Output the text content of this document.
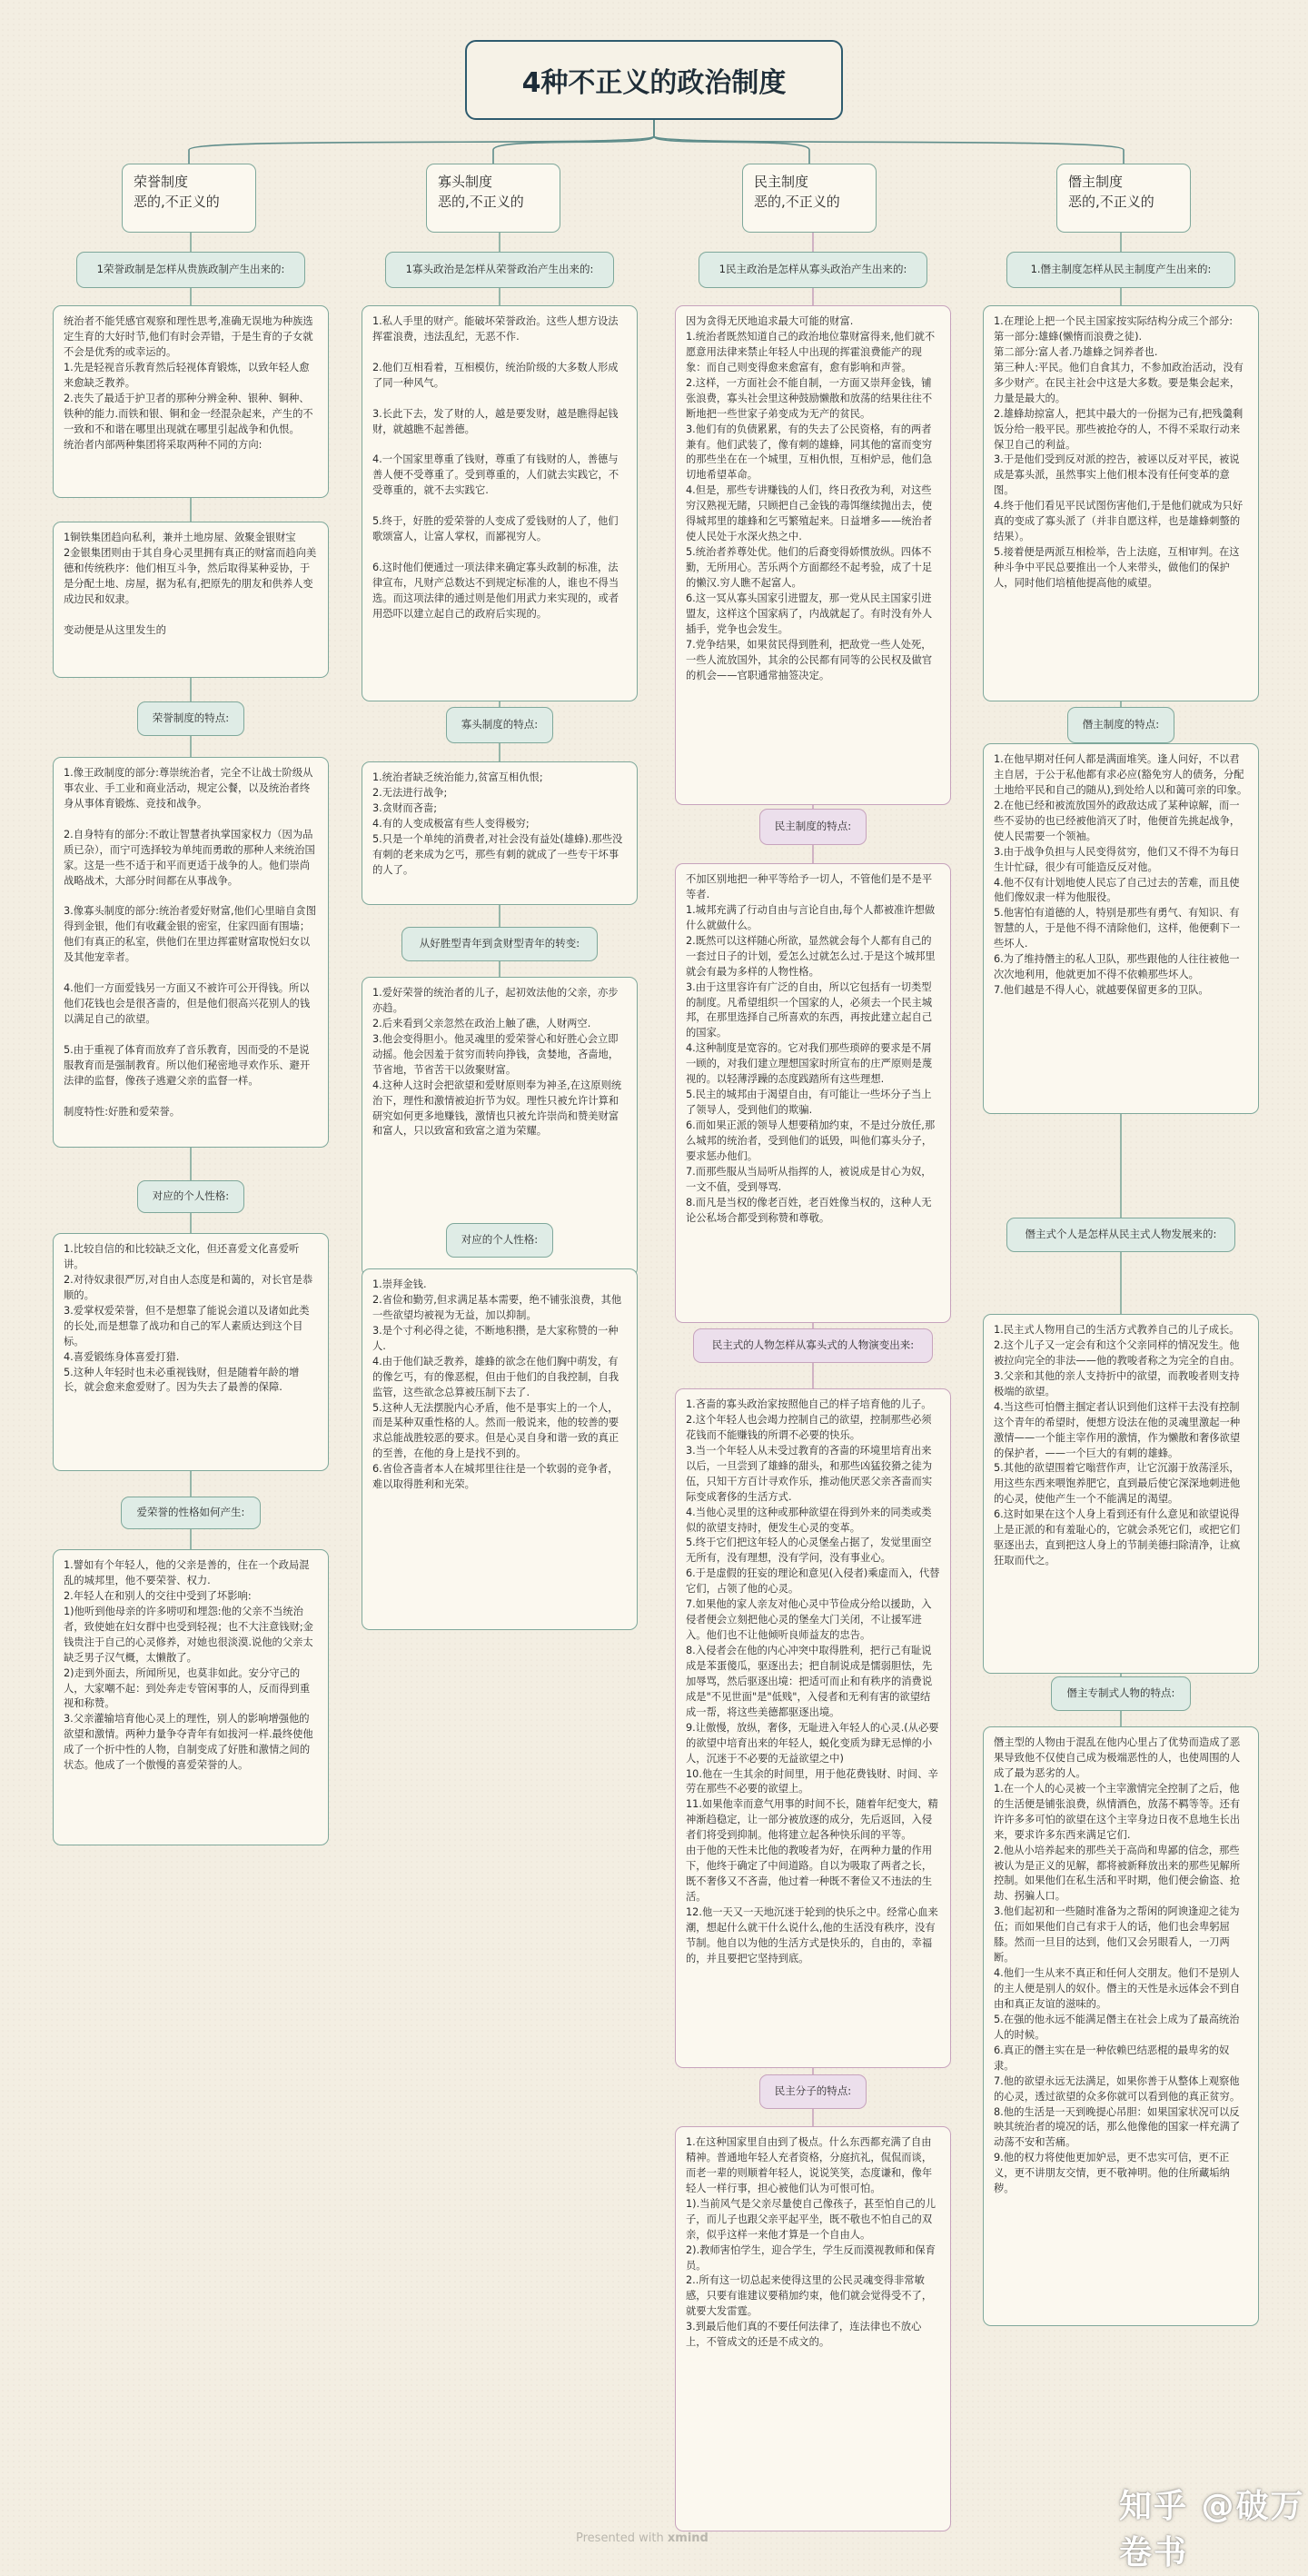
4种不正义的政治制度
荣誉制度
恶的,不正义的
1荣誉政制是怎样从贵族政制产生出来的:
统治者不能凭感官观察和理性思考,准确无误地为种族选定生育的大好时节,他们有时会弄错，于是生育的子女就不会是优秀的或幸运的。
1.先是轻视音乐教育然后轻视体育锻炼，以致年轻人愈来愈缺乏教养。
2.丧失了最适于护卫者的那种分辨金种、银种、铜种、铁种的能力.而铁和银、铜和金一经混杂起来，产生的不一致和不和谐在哪里出现就在哪里引起战争和仇恨。
统治者内部两种集团将采取两种不同的方向:
1铜铁集团趋向私利，兼并土地房屋、敛聚金银财宝
2金银集团则由于其自身心灵里拥有真正的财富而趋向美德和传统秩序：他们相互斗争，然后取得某种妥协，于是分配土地、房屋，据为私有,把原先的朋友和供养人变成边民和奴隶。

变动便是从这里发生的
荣誉制度的特点:
1.像王政制度的部分:尊崇统治者，完全不让战士阶级从事农业、手工业和商业活动，规定公餐，以及统治者终身从事体育锻炼、竞技和战争。

2.自身特有的部分:不敢让智慧者执掌国家权力（因为品质已杂），而宁可选择较为单纯而勇敢的那种人来统治国家。这是一些不适于和平而更适于战争的人。他们崇尚战略战术，大部分时间都在从事战争。

3.像寡头制度的部分:统治者爱好财富,他们心里暗自贪图得到金银，他们有收藏金银的密室，住家四面有围墙；他们有真正的私室，供他们在里边挥霍财富取悦妇女以及其他宠幸者。

4.他们一方面爱钱另一方面又不被许可公开得钱。所以他们花钱也会是很吝啬的，但是他们很高兴花别人的钱以满足自己的欲望。

5.由于重视了体育而放弃了音乐教育，因而受的不是说服教育而是强制教育。所以他们秘密地寻欢作乐、避开法律的监督，像孩子逃避父亲的监督一样。

制度特性:好胜和爱荣誉。
对应的个人性格:
1.比较自信的和比较缺乏文化，但还喜爱文化喜爱听讲。
2.对待奴隶很严厉,对自由人态度是和蔼的，对长官是恭顺的。
3.爱掌权爱荣誉，但不是想靠了能说会道以及诸如此类的长处,而是想靠了战功和自己的军人素质达到这个目标。
4.喜爱锻练身体喜爱打猎.
5.这种人年轻时也未必重视钱财，但是随着年龄的增长，就会愈来愈爱财了。因为失去了最善的保障.
爱荣誉的性格如何产生:
1.譬如有个年轻人，他的父亲是善的，住在一个政局混乱的城邦里，他不要荣誉、权力.
2.年轻人在和别人的交往中受到了坏影响:
1)他听到他母亲的许多唠叨和埋怨:他的父亲不当统治者，致使她在妇女群中也受到轻视；也不大注意钱财;金钱贵注于自己的心灵修养，对她也很淡漠.说他的父亲太缺乏男子汉气概，太懒散了。
2)走到外面去，所闻所见，也莫非如此。安分守己的人，大家嘲不起：到处奔走专管闲事的人，反而得到重视和称赞。
3.父亲灌输培育他心灵上的理性，别人的影响增强他的欲望和激情。两种力量争夺青年有如拔河一样.最终使他成了一个折中性的人物，自制变成了好胜和激情之间的状态。他成了一个傲慢的喜爱荣誉的人。
寡头制度
恶的,不正义的
1寡头政治是怎样从荣誉政治产生出来的:
1.私人手里的财产。能破坏荣誉政治。这些人想方设法挥霍浪费，违法乱纪，无恶不作.

2.他们互相看着，互相模仿，统治阶级的大多数人形成了同一种风气。

3.长此下去，发了财的人，越是要发财，越是瞧得起钱财，就越瞧不起善德。

4.一个国家里尊重了钱财，尊重了有钱财的人，善德与善人便不受尊重了。受到尊重的，人们就去实践它，不受尊重的，就不去实践它.

5.终于，好胜的爱荣誉的人变成了爱钱财的人了，他们歌颂富人，让富人掌权，而鄙视穷人。

6.这时他们便通过一项法律来确定寡头政制的标准，法律宣布，凡财产总数达不到规定标准的人，谁也不得当选。而这项法律的通过则是他们用武力来实现的，或者用恐吓以建立起自己的政府后实现的。
寡头制度的特点:
1.统治者缺乏统治能力,贫富互相仇恨;
2.无法进行战争;
3.贪财而吝啬;
4.有的人变成极富有些人变得极穷;
5.只是一个单纯的消费者,对社会没有益处(雄蜂).那些没有刺的老来成为乞丐，那些有刺的就成了一些专干坏事的人了。
从好胜型青年到贪财型青年的转变:
1.爱好荣誉的统治者的儿子，起初效法他的父亲，亦步亦趋。
2.后来看到父亲忽然在政治上触了礁，人财两空.
3.他会变得胆小。他灵魂里的爱荣誉心和好胜心会立即动摇。他会因羞于贫穷而转向挣钱，贪婪地，吝啬地，节省地，节省苦干以敛聚财富。
4.这种人这时会把欲望和爱财原则奉为神圣,在这原则统治下，理性和激情被迫折节为奴。理性只被允许计算和研究如何更多地赚钱，激情也只被允许崇尚和赞美财富和富人，只以致富和致富之道为荣耀。
对应的个人性格:
1.崇拜金钱.
2.省俭和勤劳,但求满足基本需要，绝不铺张浪费，其他一些欲望均被视为无益，加以抑制。
3.是个寸利必得之徒，不断地积攒，是大家称赞的一种人.
4.由于他们缺乏教养，雄蜂的欲念在他们胸中萌发，有的像乞丐，有的像恶棍，但由于他们的自我控制，自我监管，这些欲念总算被压制下去了.
5.这种人无法摆脱内心矛盾，他不是事实上的一个人，而是某种双重性格的人。然而一般说来，他的较善的要求总能战胜较恶的要求。但是心灵自身和谐一致的真正的至善，在他的身上是找不到的。
6.省俭吝啬者本人在城邦里往往是一个软弱的竞争者，难以取得胜利和光荣。
民主制度
恶的,不正义的
1民主政治是怎样从寡头政治产生出来的:
因为贪得无厌地追求最大可能的财富.
1.统治者既然知道自己的政治地位靠财富得来,他们就不愿意用法律来禁止年轻人中出现的挥霍浪费能产的现象：而自己则变得愈来愈富有，愈有影响和声誉。
2.这样，一方面社会不能自制，一方面又崇拜金钱，铺张浪费，寡头社会里这种鼓励懒散和放荡的结果往往不断地把一些世家子弟变成为无产的贫民。
3.他们有的负债累累，有的失去了公民资格，有的两者兼有。他们武装了，像有刺的雄蜂，同其他的富而变穷的那些坐在在一个城里，互相仇恨，互相炉忌，他们急切地希望革命。
4.但是，那些专讲赚钱的人们，终日孜孜为利，对这些穷汉熟视无睹，只顾把自己金钱的毒饵继续抛出去，使得城邦里的雄蜂和乞丐繁殖起来。日益增多——统治者使人民处于水深火热之中.
5.统治者养尊处优。他们的后裔变得娇惯放纵。四体不勤，无所用心。苦乐两个方面都经不起考验，成了十足的懒汉.穷人瞧不起富人。
6.这一冥从寡头国家引进盟友，那一党从民主国家引进盟友，这样这个国家病了，内战就起了。有时没有外人插手，党争也会发生。
7.党争结果，如果贫民得到胜利，把敌党一些人处死，一些人流放国外，其余的公民都有同等的公民权及做官的机会——官职通常抽签决定。
民主制度的特点:
不加区别地把一种平等给予一切人，不管他们是不是平等者.
1.城邦充满了行动自由与言论自由,每个人都被准许想做什么就做什么。
2.既然可以这样随心所欲，显然就会每个人都有自己的一套过日子的计划，爱怎么过就怎么过.于是这个城邦里就会有最为多样的人物性格。
3.由于这里容许有广泛的自由，所以它包括有一切类型的制度。凡希望组织一个国家的人，必须去一个民主城邦，在那里选择自己所喜欢的东西，再按此建立起自己的国家。
4.这种制度是宽容的。它对我们那些琐碎的要求是不屑一顾的，对我们建立理想国家时所宣布的庄严原则是蔑视的。以轻薄浮躁的态度践踏所有这些理想.
5.民主的城邦由于渴望自由，有可能让一些坏分子当上了领导人，受到他们的欺骗.
6.而如果正派的领导人想要稍加约束，不是过分放任,那么城邦的统治者，受到他们的诋毁，叫他们寡头分子，要求惩办他们。
7.而那些服从当局听从指挥的人，被说成是甘心为奴，一文不值，受到辱骂.
8.而凡是当权的像老百姓，老百姓像当权的，这种人无论公私场合都受到称赞和尊敬。
民主式的人物怎样从寡头式的人物演变出来:
1.吝啬的寡头政治家按照他自己的样子培育他的儿子。
2.这个年轻人也会竭力控制自己的欲望，控制那些必须花钱而不能赚钱的所谓不必要的快乐。
3.当一个年轻人从未受过教育的吝啬的环境里培育出来以后，一旦尝到了雄蜂的甜头，和那些凶猛狡猾之徒为伍，只知干方百计寻欢作乐，推动他厌恶父亲吝啬而实际变成奢侈的生活方式.
4.当他心灵里的这种或那种欲望在得到外来的同类或类似的欲望支持时，便发生心灵的变革。
5.终于它们把这年轻人的心灵堡垒占据了，发觉里面空无所有，没有理想，没有学问，没有事业心。
6.于是虚假的狂妄的理论和意见(入侵者)乘虚而入，代替它们，占领了他的心灵。
7.如果他的家人亲友对他心灵中节俭成分给以援助，入侵者便会立刻把他心灵的堡垒大门关闭，不让援军进入。他们也不让他倾听良师益友的忠告。
8.入侵者会在他的内心冲突中取得胜利，把行己有耻说成是苯蛋傻瓜，驱逐出去；把自制说成是懦弱胆怯，先加辱骂，然后驱逐出境：把适可而止和有秩序的消费说成是"不见世面"是"低贱"，入侵者和无利有害的欲望结成一帮，将这些美德都驱逐出境。
9.让傲慢，放纵，奢侈，无耻进入年轻人的心灵.(从必要的欲望中培育出来的年轻人，蜕化变质为肆无忌惮的小人，沉迷于不必要的无益欲望之中)
10.他在一生其余的时间里，用于他花费钱财、时间、辛劳在那些不必要的欲望上。
11.如果他幸而意气用事的时间不长，随着年纪变大，精神渐趋稳定，让一部分被放逐的成分，先后返回，入侵者们将受到抑制。他将建立起各种快乐间的平等。
由于他的天性未比他的教唆者为好，在两种力量的作用下，他终于确定了中间道路。自以为吸取了两者之长，既不奢侈又不吝啬，他过着一种既不奢俭又不违法的生活。
12.他一天又一天地沉迷于轮到的快乐之中。经常心血来潮，想起什么就干什么说什么,他的生活没有秩序，没有节制。他自以为他的生活方式是快乐的，自由的，幸福的，并且要把它坚持到底。
民主分子的特点:
1.在这种国家里自由到了极点。什么东西都充满了自由精神。普通地年轻人充者资格，分庭抗礼，侃侃而谈，而老一辈的则顺着年轻人，说说笑笑，态度谦和，像年轻人一样行事，担心被他们认为可恨可怕。
1).当前风气是父亲尽量使自己像孩子，甚至怕自己的儿子，而儿子也跟父亲平起平坐，既不敬也不怕自己的双亲，似乎这样一来他才算是一个自由人。
2).教师害怕学生，迎合学生，学生反而漠视教师和保育员。
2..所有这一切总起来使得这里的公民灵魂变得非常敏感，只要有谁建议要稍加约束，他们就会觉得受不了，就要大发雷霆。
3.到最后他们真的不要任何法律了，连法律也不放心上，不管成文的还是不成文的。
僭主制度
恶的,不正义的
1.僭主制度怎样从民主制度产生出来的:
1.在理论上把一个民主国家按实际结构分成三个部分:
第一部分:雄蜂(懒惰而浪费之徒).
第二部分:富人者.乃雄蜂之饲养者也.
第三种人:平民。他们自食其力，不参加政治活动，没有多少财产。在民主社会中这是大多数。要是集会起来，力量是最大的。
2.雄蜂劫掠富人，把其中最大的一份据为己有,把残羹剩饭分给一般平民。那些被抢夺的人，不得不采取行动来保卫自己的利益。
3.于是他们受到反对派的控告，被诬以反对平民，被说成是寡头派，虽然事实上他们根本没有任何变革的意图。
4.终于他们看见平民试图伤害他们,于是他们就成为只好真的变成了寡头派了（并非自愿这样，也是雄蜂刺螫的结果）。
5.接着便是两派互相检举，告上法庭，互相审判。在这种斗争中平民总要推出一个人来带头，做他们的保护人，同时他们培植他提高他的威望。
僭主制度的特点:
1.在他早期对任何人都是满面堆笑。逢人问好，不以君主自居，于公于私他都有求必应(豁免穷人的债务，分配土地给平民和自己的随从),到处给人以和蔼可亲的印象。
2.在他已经和被流放国外的政敌达成了某种谅解，而一些不妥协的也已经被他消灭了时，他便首先挑起战争，使人民需要一个领袖。
3.由于战争负担与人民变得贫穷，他们又不得不为每日生计忙碌，很少有可能造反反对他。
4.他不仅有计划地使人民忘了自己过去的苦难，而且使他们像奴隶一样为他服役。
5.他害怕有道德的人，特别是那些有勇气、有知识、有智慧的人，于是他不得不清除他们，这样，他便剩下一些坏人.
6.为了维持僭主的私人卫队，那些跟他的人往往被他一次次地利用，他就更加不得不依赖那些坏人。
7.他们越是不得人心，就越要保留更多的卫队。
僭主式个人是怎样从民主式人物发展来的:
1.民主式人物用自己的生活方式教养自己的儿子成长。
2.这个儿子又一定会有和这个父亲同样的情况发生。他被拉向完全的非法——他的教唆者称之为完全的自由。
3.父亲和其他的亲人支持折中的欲望，而教唆者则支持极端的欲望。
4.当这些可怕僭主掴定者认识到他们这样干去没有控制这个青年的希望时，便想方设法在他的灵魂里激起一种激情——一个能主宰作用的激情，作为懒散和奢侈欲望的保护者，——一个巨大的有刺的雄蜂。
5.其他的欲望围着它嗡营作声，让它沉溺于放荡淫乐，用这些东西来喂饱养肥它，直到最后使它深深地刺进他的心灵，使他产生一个不能满足的渴望。
6.这时如果在这个人身上看到还有什么意见和欲望说得上是正派的和有羞耻心的，它就会杀死它们，或把它们驱逐出去，直到把这人身上的节制美德扫除清净，让疯狂取而代之。
僭主专制式人物的特点:
僭主型的人物由于混乱在他内心里占了优势而造成了恶果导致他不仅使自己成为极端恶性的人，也使周围的人成了最为恶劣的人。
1.在一个人的心灵被一个主宰激情完全控制了之后，他的生活便是铺张浪费，纵情酒色，放荡不羁等等。还有许许多多可怕的欲望在这个主宰身边日夜不息地生长出来，要求许多东西来满足它们.
2.他从小培养起来的那些关于高尚和卑鄙的信念，那些被认为是正义的见解，都将被新释放出来的那些见解所控制。如果他们在私生活和平时期，他们便会偷盗、抢劫、拐骗人口。
3.他们起初和一些随时准备为之帮闲的阿谀逢迎之徒为伍；而如果他们自己有求于人的话，他们也会卑躬屈膝。然而一旦目的达到，他们又会另眼看人，一刀两断。
4.他们一生从来不真正和任何人交朋友。他们不是别人的主人便是别人的奴仆。僭主的天性是永远体会不到自由和真正友谊的滋味的。
5.在强的他永远不能满足僭主在社会上成为了最高统治人的时候。
6.真正的僭主实在是一种依赖巴结恶棍的最卑劣的奴隶。
7.他的欲望永远无法满足，如果你善于从整体上观察他的心灵，透过欲望的众多你就可以看到他的真正贫穷。
8.他的生活是一天到晚提心吊胆：如果国家状况可以反映其统治者的境况的话，那么他像他的国家一样充满了动荡不安和苦痛。
9.他的权力将使他更加妒忌，更不忠实可信，更不正义，更不讲朋友交情，更不敬神明。他的住所藏垢纳秽。
知乎 @破万卷书
Presented with xmind
